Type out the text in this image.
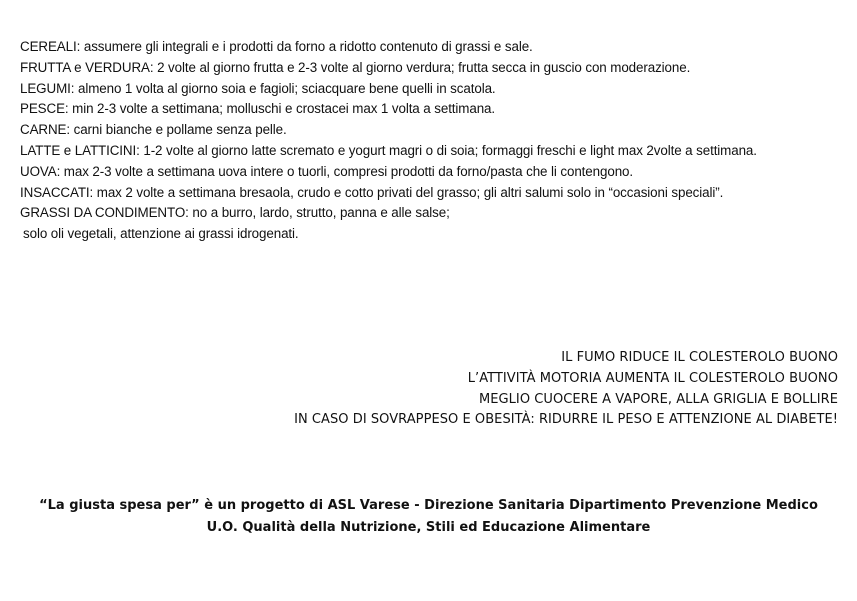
CEREALI: assumere gli integrali e i prodotti da forno a ridotto contenuto di grassi e sale.
FRUTTA e VERDURA: 2 volte al giorno frutta e 2-3 volte al giorno verdura; frutta secca in guscio con moderazione.
LEGUMI: almeno 1 volta al giorno soia e fagioli; sciacquare bene quelli in scatola.
PESCE: min 2-3 volte a settimana; molluschi e crostacei max 1 volta a settimana.
CARNE: carni bianche e pollame senza pelle.
LATTE e LATTICINI: 1-2 volte al giorno latte scremato e yogurt magri o di soia; formaggi freschi e light max 2volte a settimana.
UOVA: max 2-3 volte a settimana uova intere o tuorli, compresi prodotti da forno/pasta che li contengono.
INSACCATI: max 2 volte a settimana bresaola, crudo e cotto privati del grasso; gli altri salumi solo in “occasioni speciali”.
GRASSI DA CONDIMENTO: no a burro, lardo, strutto, panna e alle salse;
solo oli vegetali, attenzione ai grassi idrogenati.
IL FUMO RIDUCE IL COLESTEROLO BUONO
L’ATTIVITÀ MOTORIA AUMENTA IL COLESTEROLO BUONO
MEGLIO CUOCERE A VAPORE, ALLA GRIGLIA E BOLLIRE
IN CASO DI SOVRAPPESO E OBESITÀ: RIDURRE IL PESO E ATTENZIONE AL DIABETE!
“La giusta spesa per” è un progetto di ASL Varese - Direzione Sanitaria Dipartimento Prevenzione Medico
U.O. Qualità della Nutrizione, Stili ed Educazione Alimentare
